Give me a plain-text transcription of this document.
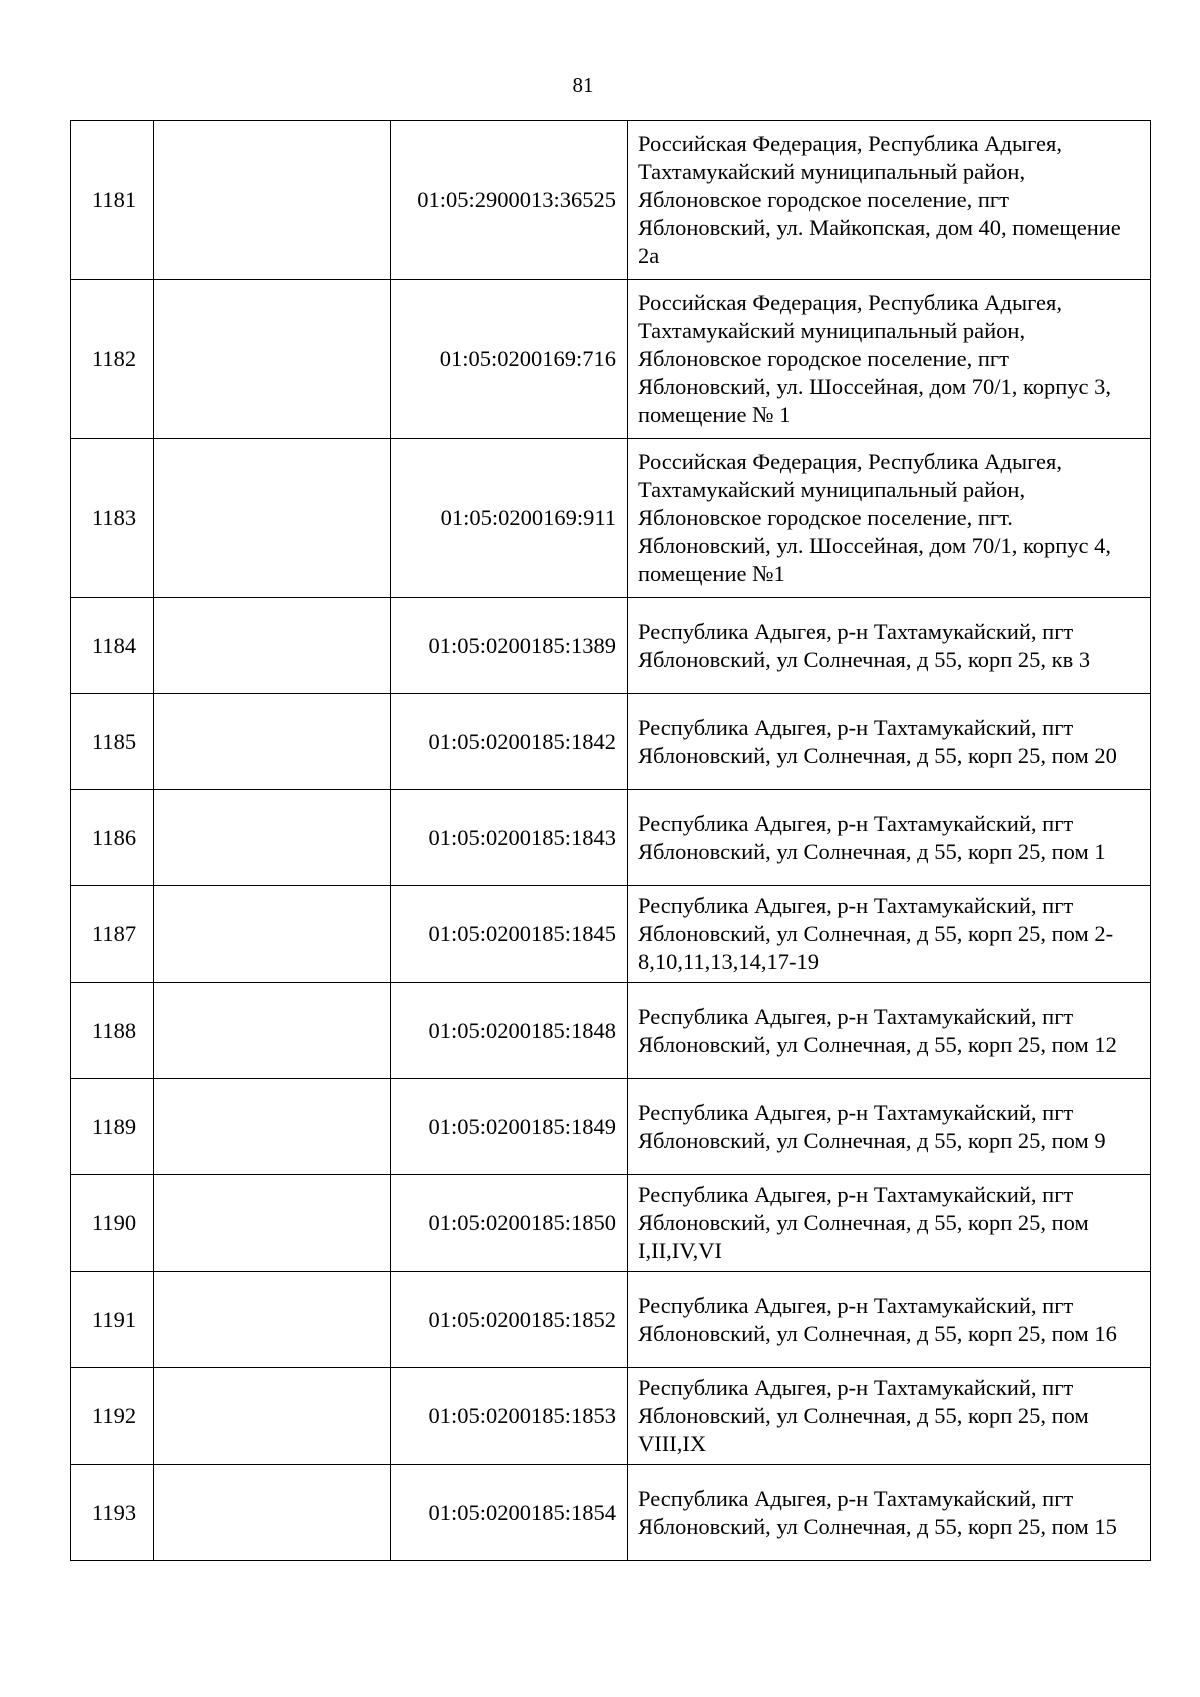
81
1181		01:05:2900013:36525	Российская Федерация, Республика Адыгея, Тахтамукайский муниципальный район, Яблоновское городское поселение, пгт Яблоновский, ул. Майкопская, дом 40, помещение 2а
1182		01:05:0200169:716	Российская Федерация, Республика Адыгея, Тахтамукайский муниципальный район, Яблоновское городское поселение, пгт Яблоновский, ул. Шоссейная, дом 70/1, корпус 3, помещение № 1
1183		01:05:0200169:911	Российская Федерация, Республика Адыгея, Тахтамукайский муниципальный район, Яблоновское городское поселение, пгт. Яблоновский, ул. Шоссейная, дом 70/1, корпус 4, помещение №1
1184		01:05:0200185:1389	Республика Адыгея, р-н Тахтамукайский, пгт Яблоновский, ул Солнечная, д 55, корп 25, кв 3
1185		01:05:0200185:1842	Республика Адыгея, р-н Тахтамукайский, пгт Яблоновский, ул Солнечная, д 55, корп 25, пом 20
1186		01:05:0200185:1843	Республика Адыгея, р-н Тахтамукайский, пгт Яблоновский, ул Солнечная, д 55, корп 25, пом 1
1187		01:05:0200185:1845	Республика Адыгея, р-н Тахтамукайский, пгт Яблоновский, ул Солнечная, д 55, корп 25, пом 2-8,10,11,13,14,17-19
1188		01:05:0200185:1848	Республика Адыгея, р-н Тахтамукайский, пгт Яблоновский, ул Солнечная, д 55, корп 25, пом 12
1189		01:05:0200185:1849	Республика Адыгея, р-н Тахтамукайский, пгт Яблоновский, ул Солнечная, д 55, корп 25, пом 9
1190		01:05:0200185:1850	Республика Адыгея, р-н Тахтамукайский, пгт Яблоновский, ул Солнечная, д 55, корп 25, пом I,II,IV,VI
1191		01:05:0200185:1852	Республика Адыгея, р-н Тахтамукайский, пгт Яблоновский, ул Солнечная, д 55, корп 25, пом 16
1192		01:05:0200185:1853	Республика Адыгея, р-н Тахтамукайский, пгт Яблоновский, ул Солнечная, д 55, корп 25, пом VIII,IX
1193		01:05:0200185:1854	Республика Адыгея, р-н Тахтамукайский, пгт Яблоновский, ул Солнечная, д 55, корп 25, пом 15
